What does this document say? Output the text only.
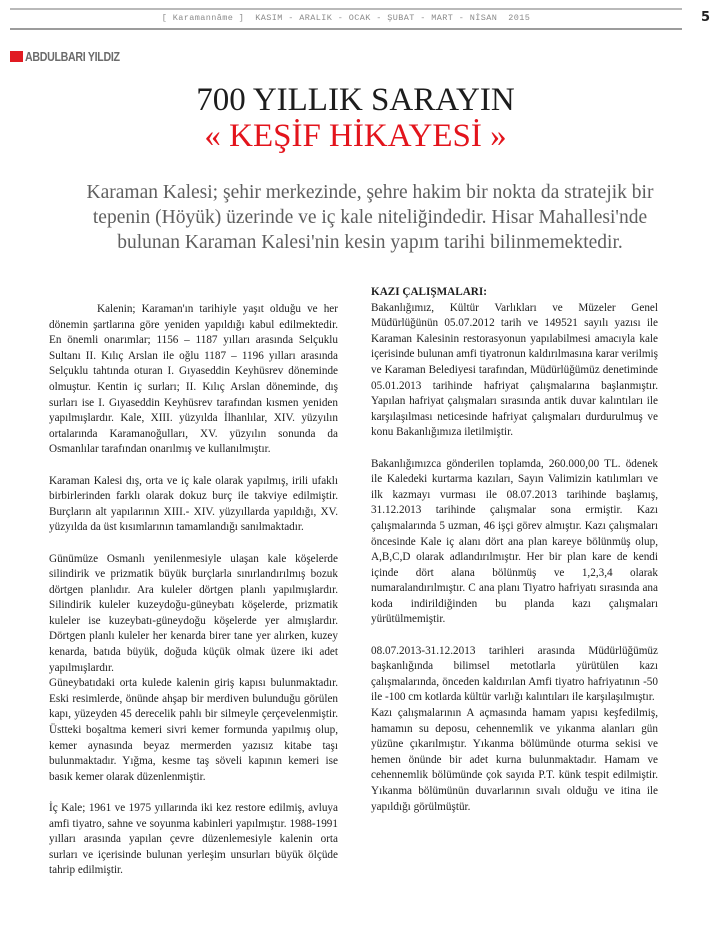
[ Karamannâme ]  KASIM - ARALIK - OCAK - ŞUBAT - MART - NİSAN  2015	5
ABDULBARI YILDIZ
700 YILLIK SARAYIN
« KEŞİF HİKAYESİ »
Karaman Kalesi; şehir merkezinde, şehre hakim bir nokta da stratejik bir tepenin (Höyük) üzerinde ve iç kale niteliğindedir. Hisar Mahallesi'nde bulunan Karaman Kalesi'nin kesin yapım tarihi bilinmemektedir.

Kalenin; Karaman'ın tarihiyle yaşıt olduğu ve her dönemin şartlarına göre yeniden yapıldığı kabul edilmektedir. En önemli onarımlar; 1156 – 1187 yılları arasında Selçuklu Sultanı II. Kılıç Arslan ile oğlu 1187 – 1196 yılları arasında Selçuklu tahtında oturan I. Gıyaseddin Keyhüsrev döneminde olmuştur. Kentin iç surları; II. Kılıç Arslan döneminde, dış surları ise I. Gıyaseddin Keyhüsrev tarafından kısmen yeniden yapılmışlardır. Kale, XIII. yüzyılda İlhanlılar, XIV. yüzyılın ortalarında Karamanoğulları, XV. yüzyılın sonunda da Osmanlılar tarafından onarılmış ve kullanılmıştır.

Karaman Kalesi dış, orta ve iç kale olarak yapılmış, irili ufaklı birbirlerinden farklı olarak dokuz burç ile takviye edilmiştir. Burçların alt yapılarının XIII.- XIV. yüzyıllarda yapıldığı, XV. yüzyılda da üst kısımlarının tamamlandığı sanılmaktadır.

Günümüze Osmanlı yenilenmesiyle ulaşan kale köşelerde silindirik ve prizmatik büyük burçlarla sınırlandırılmış bozuk dörtgen planlıdır. Ara kuleler dörtgen planlı yapılmışlardır. Silindirik kuleler kuzeydoğu-güneybatı köşelerde, prizmatik kuleler ise kuzeybatı-güneydoğu köşelerde yer almışlardır. Dörtgen planlı kuleler her kenarda birer tane yer alırken, kuzey kenarda, batıda büyük, doğuda küçük olmak üzere iki adet yapılmışlardır.

Güneybatıdaki orta kulede kalenin giriş kapısı bulunmaktadır. Eski resimlerde, önünde ahşap bir merdiven bulunduğu görülen kapı, yüzeyden 45 derecelik pahlı bir silmeyle çerçevelenmiştir. Üstteki boşaltma kemeri sivri kemer formunda yapılmış olup, kemer aynasında beyaz mermerden yazısız kitabe taşı bulunmaktadır. Yığma, kesme taş söveli kapının kemeri ise basık kemer olarak düzenlenmiştir.

İç Kale; 1961 ve 1975 yıllarında iki kez restore edilmiş, avluya amfi tiyatro, sahne ve soyunma kabinleri yapılmıştır. 1988-1991 yılları arasında yapılan çevre düzenlemesiyle kalenin orta surları ve içerisinde bulunan yerleşim unsurları büyük ölçüde tahrip edilmiştir.

KAZI ÇALIŞMALARI:

Bakanlığımız, Kültür Varlıkları ve Müzeler Genel Müdürlüğünün 05.07.2012 tarih ve 149521 sayılı yazısı ile Karaman Kalesinin restorasyonun yapılabilmesi amacıyla kale içerisinde bulunan amfi tiyatronun kaldırılmasına karar verilmiş ve Karaman Belediyesi tarafından, Müdürlüğümüz denetiminde 05.01.2013 tarihinde hafriyat çalışmalarına başlanmıştır. Yapılan hafriyat çalışmaları sırasında antik duvar kalıntıları ile karşılaşılması neticesinde hafriyat çalışmaları durdurulmuş ve konu Bakanlığımıza iletilmiştir.

Bakanlığımızca gönderilen toplamda, 260.000,00 TL. ödenek ile Kaledeki kurtarma kazıları, Sayın Valimizin katılımları ve ilk kazmayı vurması ile 08.07.2013 tarihinde başlamış, 31.12.2013 tarihinde çalışmalar sona ermiştir. Kazı çalışmalarında 5 uzman, 46 işçi görev almıştır. Kazı çalışmaları öncesinde Kale iç alanı dört ana plan kareye bölünmüş olup, A,B,C,D olarak adlandırılmıştır. Her bir plan kare de kendi içinde dört alana bölünmüş ve 1,2,3,4 olarak numaralandırılmıştır. C ana planı Tiyatro hafriyatı sırasında ana koda indirildiğinden bu planda kazı çalışmaları yürütülmemiştir.

08.07.2013-31.12.2013 tarihleri arasında Müdürlüğümüz başkanlığında bilimsel metotlarla yürütülen kazı çalışmalarında, önceden kaldırılan Amfi tiyatro hafriyatının -50 ile -100 cm kotlarda kültür varlığı kalıntıları ile karşılaşılmıştır.

Kazı çalışmalarının A açmasında hamam yapısı keşfedilmiş, hamamın su deposu, cehennemlik ve yıkanma alanları gün yüzüne çıkarılmıştır. Yıkanma bölümünde oturma sekisi ve hemen önünde bir adet kurna bulunmaktadır. Hamam ve cehennemlik bölümünde çok sayıda P.T. künk tespit edilmiştir. Yıkanma bölümünün duvarlarının sıvalı olduğu ve itina ile yapıldığı görülmüştür.
